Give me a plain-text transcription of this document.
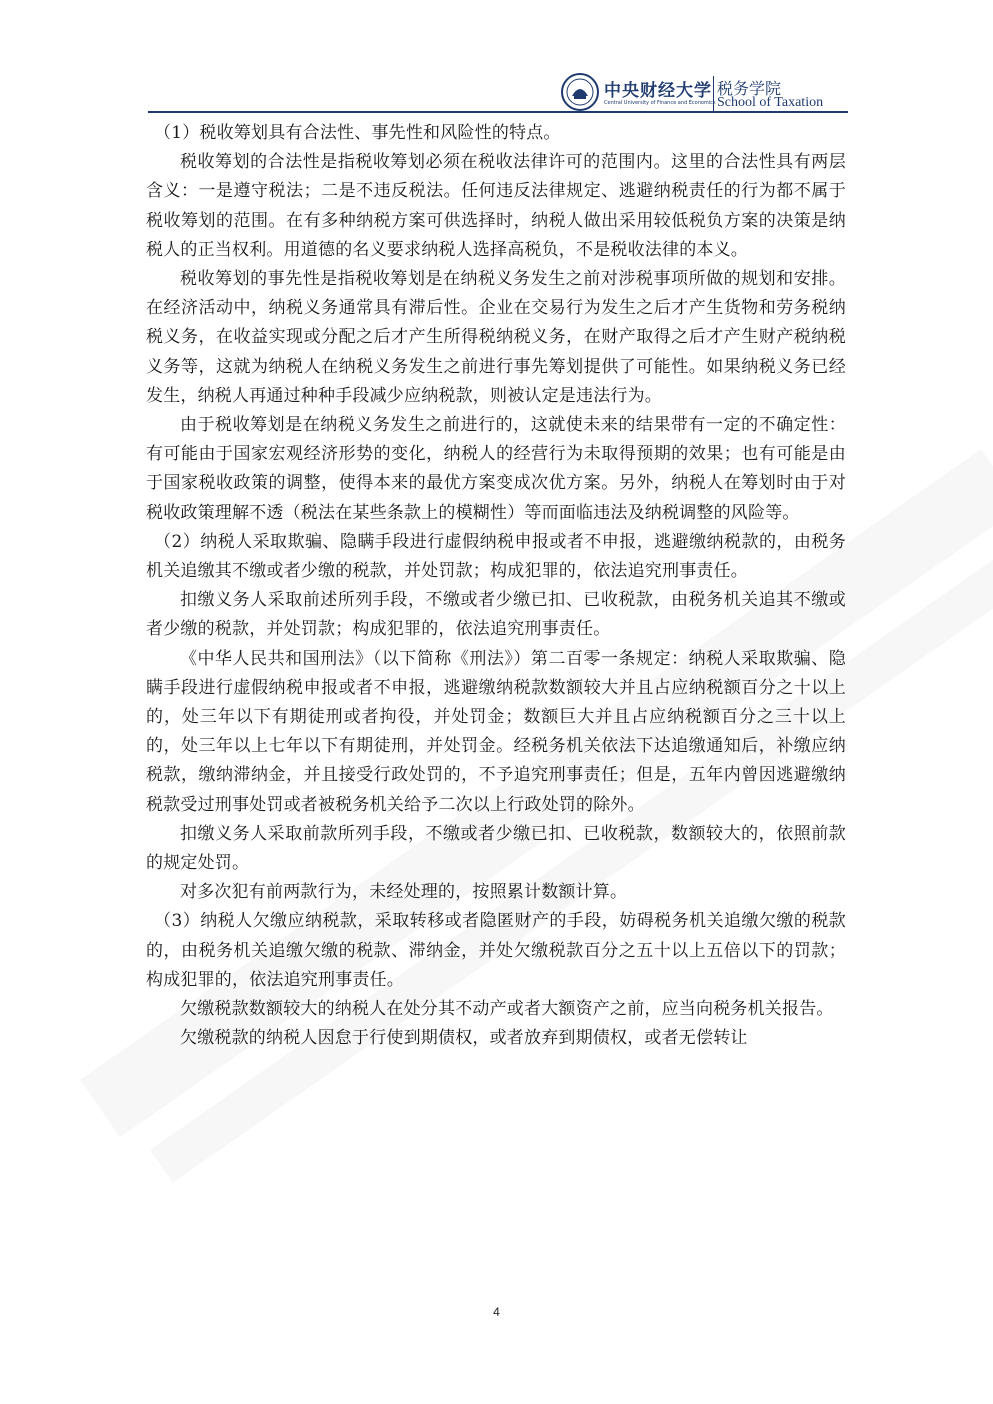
中央财经大学
Central University of Finance and Economics
税务学院
School of Taxation

（1）税收筹划具有合法性、事先性和风险性的特点。

税收筹划的合法性是指税收筹划必须在税收法律许可的范围内。这里的合法性具有两层含义：一是遵守税法；二是不违反税法。任何违反法律规定、逃避纳税责任的行为都不属于税收筹划的范围。在有多种纳税方案可供选择时，纳税人做出采用较低税负方案的决策是纳税人的正当权利。用道德的名义要求纳税人选择高税负，不是税收法律的本义。

税收筹划的事先性是指税收筹划是在纳税义务发生之前对涉税事项所做的规划和安排。在经济活动中，纳税义务通常具有滞后性。企业在交易行为发生之后才产生货物和劳务税纳税义务，在收益实现或分配之后才产生所得税纳税义务，在财产取得之后才产生财产税纳税义务等，这就为纳税人在纳税义务发生之前进行事先筹划提供了可能性。如果纳税义务已经发生，纳税人再通过种种手段减少应纳税款，则被认定是违法行为。

由于税收筹划是在纳税义务发生之前进行的，这就使未来的结果带有一定的不确定性：有可能由于国家宏观经济形势的变化，纳税人的经营行为未取得预期的效果；也有可能是由于国家税收政策的调整，使得本来的最优方案变成次优方案。另外，纳税人在筹划时由于对税收政策理解不透（税法在某些条款上的模糊性）等而面临违法及纳税调整的风险等。

（2）纳税人采取欺骗、隐瞒手段进行虚假纳税申报或者不申报，逃避缴纳税款的，由税务机关追缴其不缴或者少缴的税款，并处罚款；构成犯罪的，依法追究刑事责任。

扣缴义务人采取前述所列手段，不缴或者少缴已扣、已收税款，由税务机关追其不缴或者少缴的税款，并处罚款；构成犯罪的，依法追究刑事责任。

《中华人民共和国刑法》（以下简称《刑法》）第二百零一条规定：纳税人采取欺骗、隐瞒手段进行虚假纳税申报或者不申报，逃避缴纳税款数额较大并且占应纳税额百分之十以上的，处三年以下有期徒刑或者拘役，并处罚金；数额巨大并且占应纳税额百分之三十以上的，处三年以上七年以下有期徒刑，并处罚金。经税务机关依法下达追缴通知后，补缴应纳税款，缴纳滞纳金，并且接受行政处罚的，不予追究刑事责任；但是，五年内曾因逃避缴纳税款受过刑事处罚或者被税务机关给予二次以上行政处罚的除外。

扣缴义务人采取前款所列手段，不缴或者少缴已扣、已收税款，数额较大的，依照前款的规定处罚。

对多次犯有前两款行为，未经处理的，按照累计数额计算。

（3）纳税人欠缴应纳税款，采取转移或者隐匿财产的手段，妨碍税务机关追缴欠缴的税款的，由税务机关追缴欠缴的税款、滞纳金，并处欠缴税款百分之五十以上五倍以下的罚款；构成犯罪的，依法追究刑事责任。

欠缴税款数额较大的纳税人在处分其不动产或者大额资产之前，应当向税务机关报告。

欠缴税款的纳税人因怠于行使到期债权，或者放弃到期债权，或者无偿转让

4
